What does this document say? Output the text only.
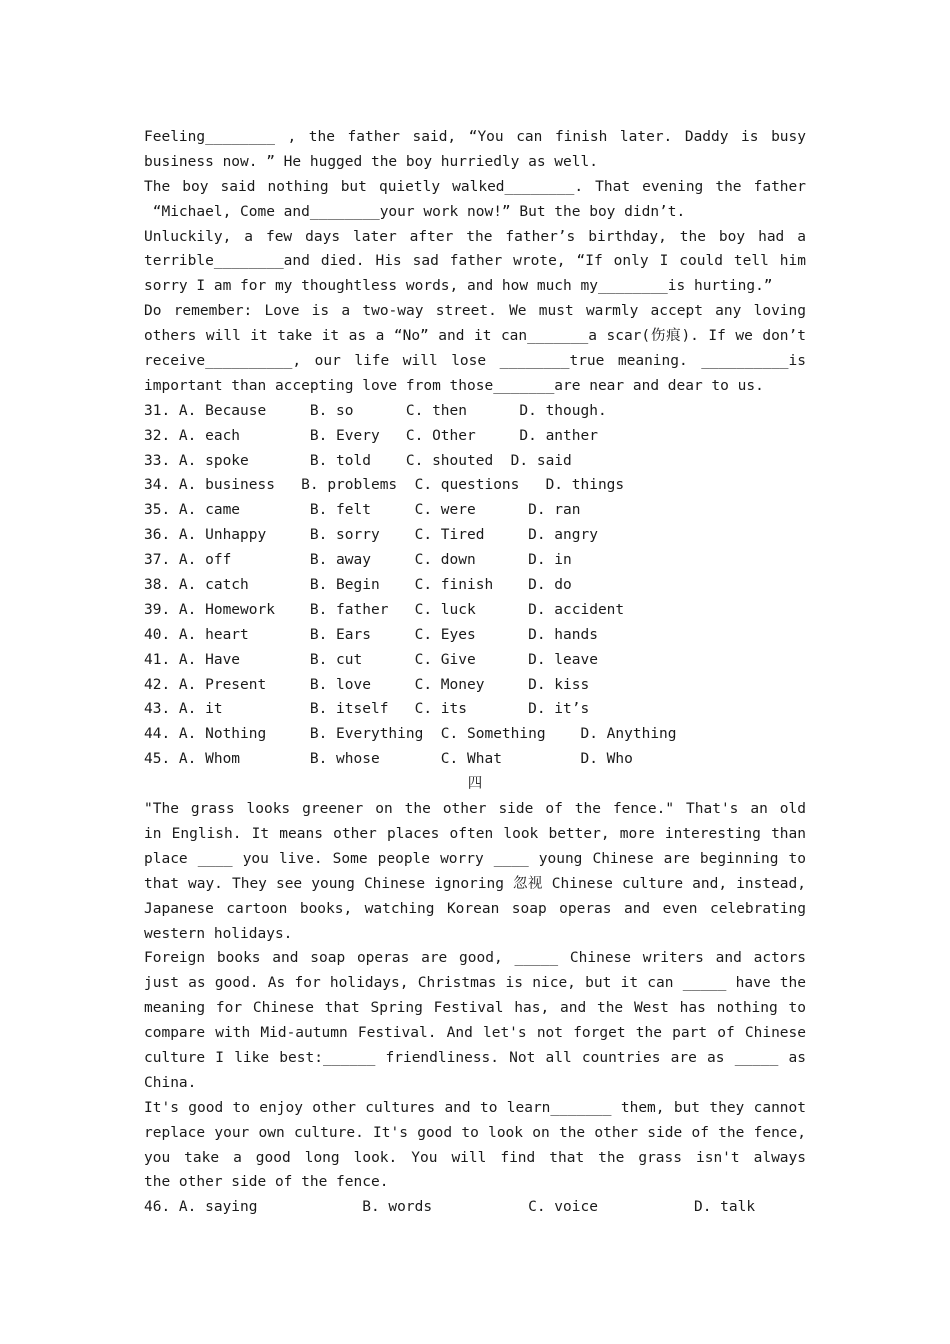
Feeling________ , the father said, “You can finish later. Daddy is busy
business now. ” He hugged the boy hurriedly as well.
The boy said nothing but quietly walked________. That evening the father
“Michael, Come and________your work now!” But the boy didn’t.
Unluckily, a few days later after the father’s birthday, the boy had a
terrible________and died. His sad father wrote, “If only I could tell him
sorry I am for my thoughtless words, and how much my________is hurting.”
Do remember: Love is a two-way street. We must warmly accept any loving
others will it take it as a “No” and it can_______a scar(伤痕). If we don’t
receive__________, our life will lose ________true meaning. __________is
important than accepting love from those_______are near and dear to us.
31. A. Because     B. so      C. then      D. though.
32. A. each        B. Every   C. Other     D. anther
33. A. spoke       B. told    C. shouted  D. said
34. A. business   B. problems  C. questions   D. things
35. A. came        B. felt     C. were      D. ran
36. A. Unhappy     B. sorry    C. Tired     D. angry
37. A. off         B. away     C. down      D. in
38. A. catch       B. Begin    C. finish    D. do
39. A. Homework    B. father   C. luck      D. accident
40. A. heart       B. Ears     C. Eyes      D. hands
41. A. Have        B. cut      C. Give      D. leave
42. A. Present     B. love     C. Money     D. kiss
43. A. it          B. itself   C. its       D. it’s
44. A. Nothing     B. Everything  C. Something    D. Anything
45. A. Whom        B. whose       C. What         D. Who
四
"The grass looks greener on the other side of the fence." That's an old
in English. It means other places often look better, more interesting than
place ____ you live. Some people worry ____ young Chinese are beginning to
that way. They see young Chinese ignoring 忽视 Chinese culture and, instead,
Japanese cartoon books, watching Korean soap operas and even celebrating
western holidays.
Foreign books and soap operas are good, _____ Chinese writers and actors
just as good. As for holidays, Christmas is nice, but it can _____ have the
meaning for Chinese that Spring Festival has, and the West has nothing to
compare with Mid-autumn Festival. And let's not forget the part of Chinese
culture I like best:______ friendliness. Not all countries are as _____ as
China.
It's good to enjoy other cultures and to learn_______ them, but they cannot
replace your own culture. It's good to look on the other side of the fence,
you take a good long look. You will find that the grass isn't always
the other side of the fence.
46. A. saying            B. words           C. voice           D. talk
